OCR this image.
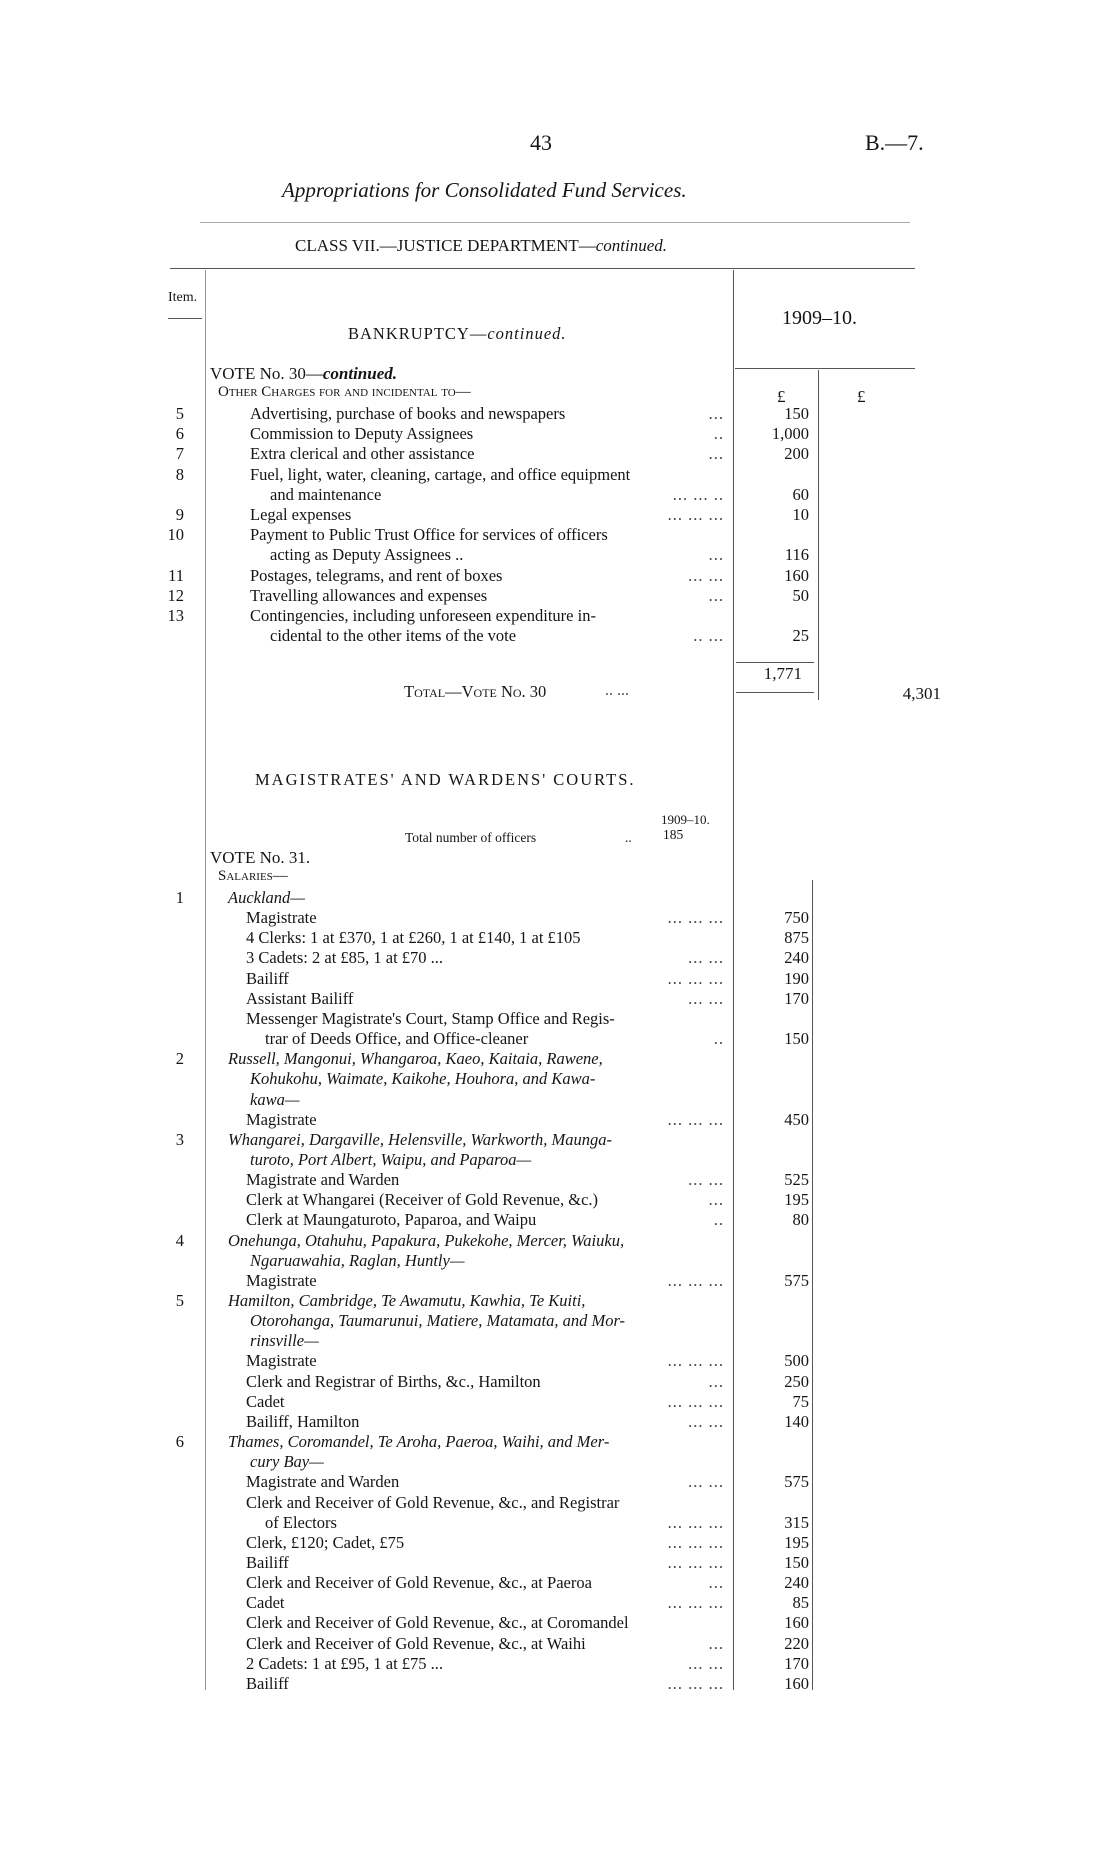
43	B.—7.
Appropriations for Consolidated Fund Services.
CLASS VII.—JUSTICE DEPARTMENT—continued.
Item.
1909–10.
BANKRUPTCY—continued.
VOTE No. 30—continued.
Other Charges for and incidental to—	£	£
5	Advertising, purchase of books and newspapers	...	150
6	Commission to Deputy Assignees	..	1,000
7	Extra clerical and other assistance	...	200
8	Fuel, light, water, cleaning, cartage, and office equipment
and maintenance	... ... ..	60
9	Legal expenses	... ... ...	10
10	Payment to Public Trust Office for services of officers
acting as Deputy Assignees ..	...	116
11	Postages, telegrams, and rent of boxes	... ...	160
12	Travelling allowances and expenses	...	50
13	Contingencies, including unforeseen expenditure in-
cidental to the other items of the vote	.. ...	25
1,771
Total—Vote No. 30	.. ...	4,301
MAGISTRATES' AND WARDENS' COURTS.
1909–10.
Total number of officers	.. 185
VOTE No. 31.
Salaries—
1	Auckland—
Magistrate	... ... ...	750
4 Clerks: 1 at £370, 1 at £260, 1 at £140, 1 at £105	875
3 Cadets: 2 at £85, 1 at £70 ...	... ...	240
Bailiff	... ... ...	190
Assistant Bailiff	... ...	170
Messenger Magistrate's Court, Stamp Office and Regis-
trar of Deeds Office, and Office-cleaner	..	150
2	Russell, Mangonui, Whangaroa, Kaeo, Kaitaia, Rawene,
Kohukohu, Waimate, Kaikohe, Houhora, and Kawa-
kawa—
Magistrate	... ... ...	450
3	Whangarei, Dargaville, Helensville, Warkworth, Maunga-
turoto, Port Albert, Waipu, and Paparoa—
Magistrate and Warden	... ...	525
Clerk at Whangarei (Receiver of Gold Revenue, &c.)	...	195
Clerk at Maungaturoto, Paparoa, and Waipu	..	80
4	Onehunga, Otahuhu, Papakura, Pukekohe, Mercer, Waiuku,
Ngaruawahia, Raglan, Huntly—
Magistrate	... ... ...	575
5	Hamilton, Cambridge, Te Awamutu, Kawhia, Te Kuiti,
Otorohanga, Taumarunui, Matiere, Matamata, and Mor-
rinsville—
Magistrate	... ... ...	500
Clerk and Registrar of Births, &c., Hamilton	...	250
Cadet	... ... ...	75
Bailiff, Hamilton	... ...	140
6	Thames, Coromandel, Te Aroha, Paeroa, Waihi, and Mer-
cury Bay—
Magistrate and Warden	... ...	575
Clerk and Receiver of Gold Revenue, &c., and Registrar
of Electors	... ... ...	315
Clerk, £120; Cadet, £75	... ... ...	195
Bailiff	... ... ...	150
Clerk and Receiver of Gold Revenue, &c., at Paeroa	...	240
Cadet	... ... ...	85
Clerk and Receiver of Gold Revenue, &c., at Coromandel	160
Clerk and Receiver of Gold Revenue, &c., at Waihi	...	220
2 Cadets: 1 at £95, 1 at £75 ...	... ...	170
Bailiff	... ... ...	160
